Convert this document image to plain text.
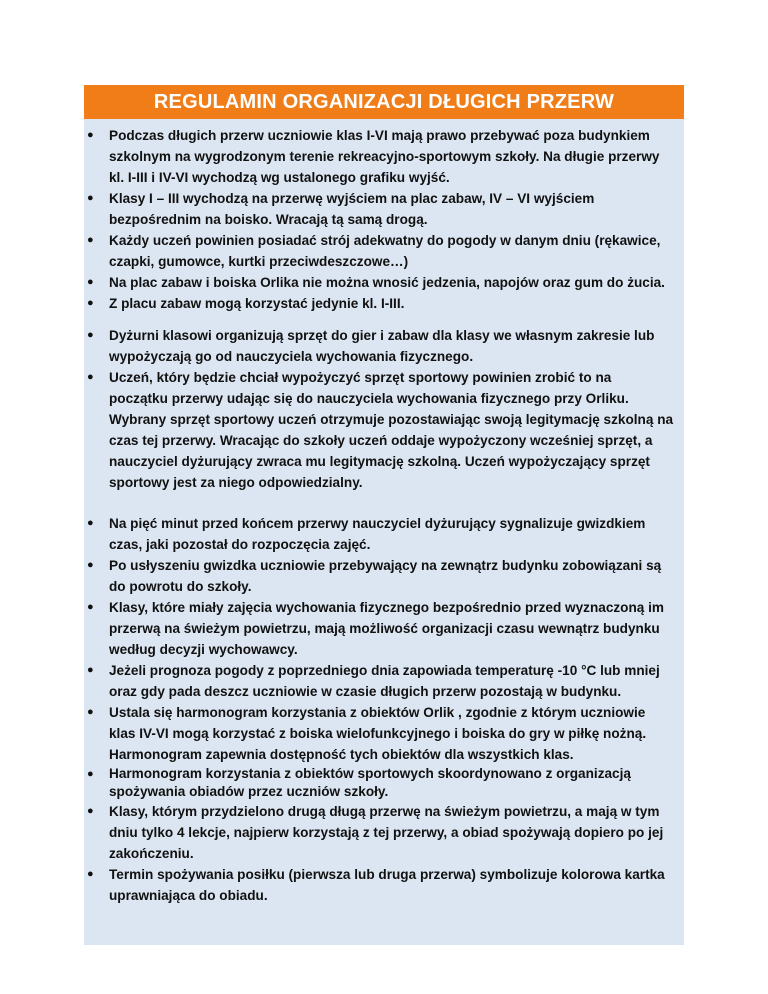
REGULAMIN ORGANIZACJI DŁUGICH PRZERW
● Podczas długich przerw uczniowie klas I-VI mają prawo przebywać poza budynkiem szkolnym na wygrodzonym terenie rekreacyjno-sportowym szkoły. Na długie przerwy kl. I-III i IV-VI wychodzą wg ustalonego grafiku wyjść.
● Klasy I – III wychodzą na przerwę wyjściem na plac zabaw, IV – VI wyjściem bezpośrednim na boisko. Wracają tą samą drogą.
● Każdy uczeń powinien posiadać strój adekwatny do pogody w danym dniu (rękawice, czapki, gumowce, kurtki przeciwdeszczowe…)
● Na plac zabaw i boiska Orlika nie można wnosić jedzenia, napojów oraz gum do żucia.
● Z placu zabaw mogą korzystać jedynie kl. I-III.
● Dyżurni klasowi organizują sprzęt do gier i zabaw dla klasy we własnym zakresie lub wypożyczają go od nauczyciela wychowania fizycznego.
● Uczeń, który będzie chciał wypożyczyć sprzęt sportowy powinien zrobić to na początku przerwy udając się do nauczyciela wychowania fizycznego przy Orliku. Wybrany sprzęt sportowy uczeń otrzymuje pozostawiając swoją legitymację szkolną na czas tej przerwy. Wracając do szkoły uczeń oddaje wypożyczony wcześniej sprzęt, a nauczyciel dyżurujący zwraca mu legitymację szkolną. Uczeń wypożyczający sprzęt sportowy jest za niego odpowiedzialny.
● Na pięć minut przed końcem przerwy nauczyciel dyżurujący sygnalizuje gwizdkiem czas, jaki pozostał do rozpoczęcia zajęć.
● Po usłyszeniu gwizdka uczniowie przebywający na zewnątrz budynku zobowiązani są do powrotu do szkoły.
● Klasy, które miały zajęcia wychowania fizycznego bezpośrednio przed wyznaczoną im przerwą na świeżym powietrzu, mają możliwość organizacji czasu wewnątrz budynku według decyzji wychowawcy.
● Jeżeli prognoza pogody z poprzedniego dnia zapowiada temperaturę -10 °C lub mniej oraz gdy pada deszcz uczniowie w czasie długich przerw pozostają w budynku.
● Ustala się harmonogram korzystania z obiektów Orlik , zgodnie z którym uczniowie klas IV-VI mogą korzystać z boiska wielofunkcyjnego i boiska do gry w piłkę nożną. Harmonogram zapewnia dostępność tych obiektów dla wszystkich klas.
● Harmonogram korzystania z obiektów sportowych skoordynowano z organizacją spożywania obiadów przez uczniów szkoły.
● Klasy, którym przydzielono drugą długą przerwę na świeżym powietrzu, a mają w tym dniu tylko 4 lekcje, najpierw korzystają z tej przerwy, a obiad spożywają dopiero po jej zakończeniu.
● Termin spożywania posiłku (pierwsza lub druga przerwa) symbolizuje kolorowa kartka uprawniająca do obiadu.
